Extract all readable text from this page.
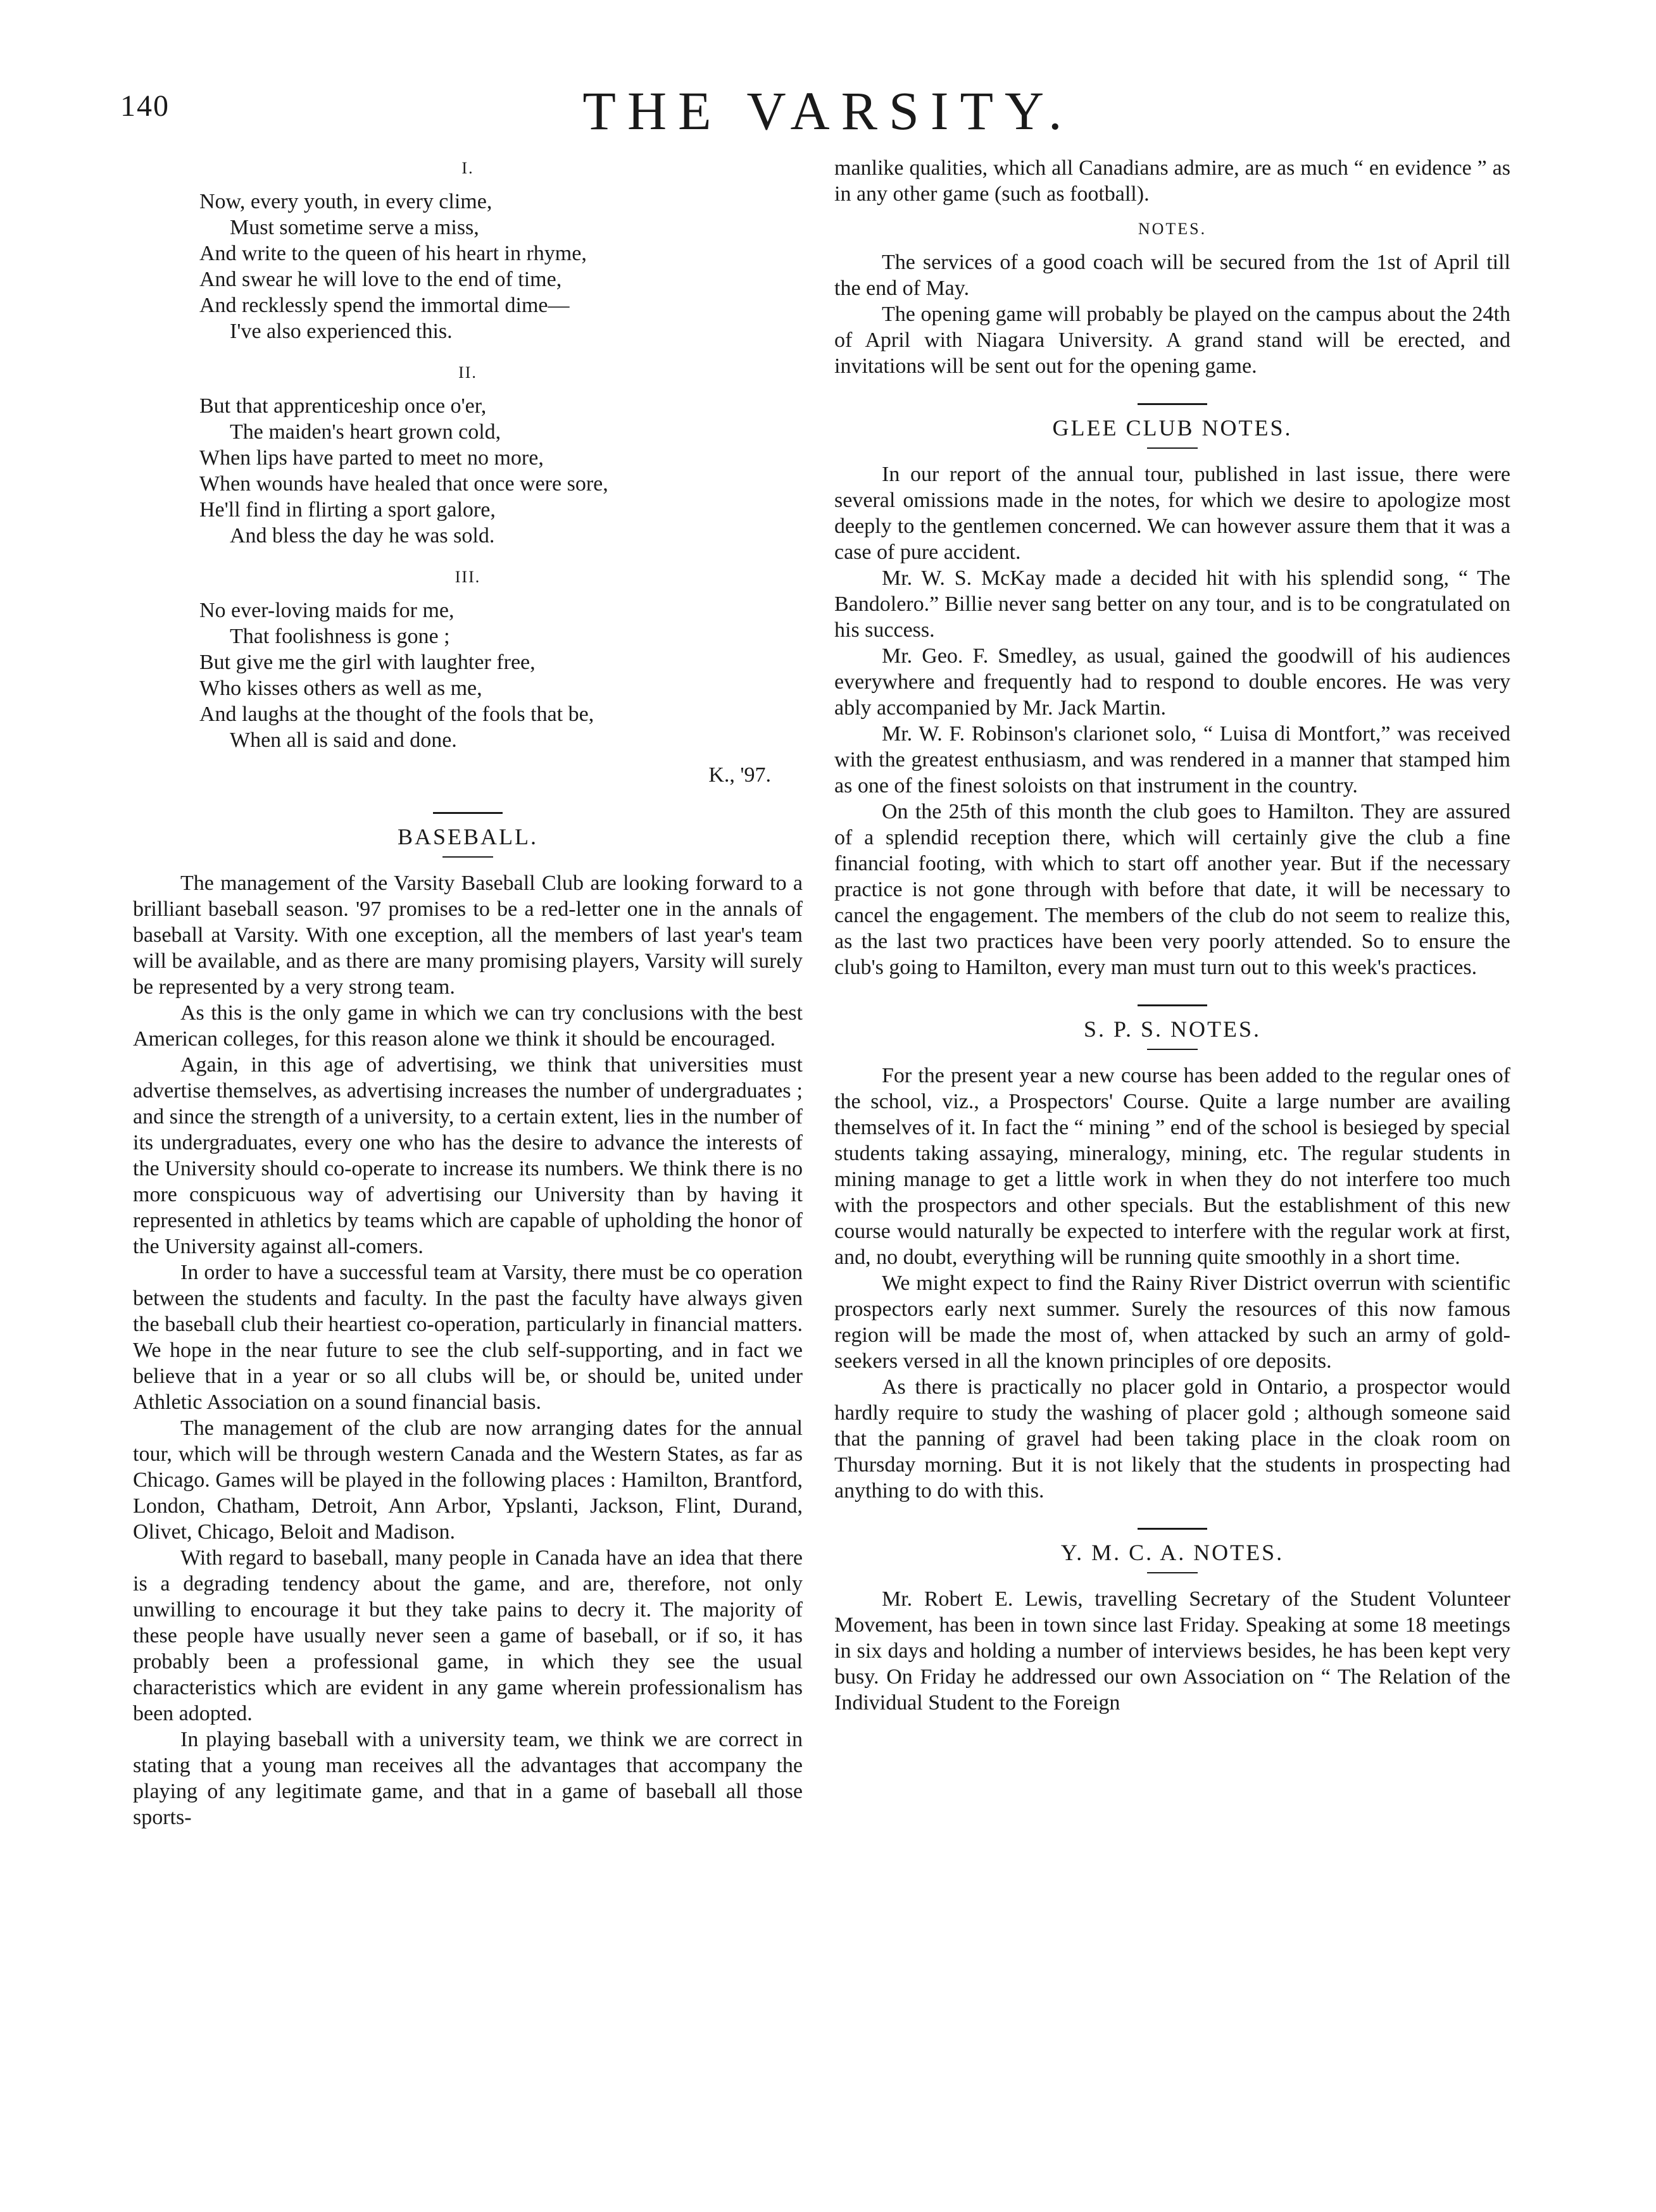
140	THE VARSITY.
I.
Now, every youth, in every clime,
Must sometime serve a miss,
And write to the queen of his heart in rhyme,
And swear he will love to the end of time,
And recklessly spend the immortal dime—
I've also experienced this.
II.
But that apprenticeship once o'er,
The maiden's heart grown cold,
When lips have parted to meet no more,
When wounds have healed that once were sore,
He'll find in flirting a sport galore,
And bless the day he was sold.
III.
No ever-loving maids for me,
That foolishness is gone ;
But give me the girl with laughter free,
Who kisses others as well as me,
And laughs at the thought of the fools that be,
When all is said and done.
K., '97.
BASEBALL.

The management of the Varsity Baseball Club are looking forward to a brilliant baseball season. '97 promises to be a red-letter one in the annals of baseball at Varsity. With one exception, all the members of last year's team will be available, and as there are many promising players, Varsity will surely be represented by a very strong team.

As this is the only game in which we can try conclusions with the best American colleges, for this reason alone we think it should be encouraged.

Again, in this age of advertising, we think that universities must advertise themselves, as advertising increases the number of undergraduates ; and since the strength of a university, to a certain extent, lies in the number of its undergraduates, every one who has the desire to advance the interests of the University should co-operate to increase its numbers. We think there is no more conspicuous way of advertising our University than by having it represented in athletics by teams which are capable of upholding the honor of the University against all-comers.

In order to have a successful team at Varsity, there must be co operation between the students and faculty. In the past the faculty have always given the baseball club their heartiest co-operation, particularly in financial matters. We hope in the near future to see the club self-supporting, and in fact we believe that in a year or so all clubs will be, or should be, united under Athletic Association on a sound financial basis.

The management of the club are now arranging dates for the annual tour, which will be through western Canada and the Western States, as far as Chicago. Games will be played in the following places : Hamilton, Brantford, London, Chatham, Detroit, Ann Arbor, Ypslanti, Jackson, Flint, Durand, Olivet, Chicago, Beloit and Madison.

With regard to baseball, many people in Canada have an idea that there is a degrading tendency about the game, and are, therefore, not only unwilling to encourage it but they take pains to decry it. The majority of these people have usually never seen a game of baseball, or if so, it has probably been a professional game, in which they see the usual characteristics which are evident in any game wherein professionalism has been adopted.

In playing baseball with a university team, we think we are correct in stating that a young man receives all the advantages that accompany the playing of any legitimate game, and that in a game of baseball all those sports-

manlike qualities, which all Canadians admire, are as much “ en evidence ” as in any other game (such as football).

NOTES.

The services of a good coach will be secured from the 1st of April till the end of May.

The opening game will probably be played on the campus about the 24th of April with Niagara University. A grand stand will be erected, and invitations will be sent out for the opening game.

GLEE CLUB NOTES.

In our report of the annual tour, published in last issue, there were several omissions made in the notes, for which we desire to apologize most deeply to the gentlemen concerned. We can however assure them that it was a case of pure accident.

Mr. W. S. McKay made a decided hit with his splendid song, “ The Bandolero.” Billie never sang better on any tour, and is to be congratulated on his success.

Mr. Geo. F. Smedley, as usual, gained the goodwill of his audiences everywhere and frequently had to respond to double encores. He was very ably accompanied by Mr. Jack Martin.

Mr. W. F. Robinson's clarionet solo, “ Luisa di Montfort,” was received with the greatest enthusiasm, and was rendered in a manner that stamped him as one of the finest soloists on that instrument in the country.

On the 25th of this month the club goes to Hamilton. They are assured of a splendid reception there, which will certainly give the club a fine financial footing, with which to start off another year. But if the necessary practice is not gone through with before that date, it will be necessary to cancel the engagement. The members of the club do not seem to realize this, as the last two practices have been very poorly attended. So to ensure the club's going to Hamilton, every man must turn out to this week's practices.

S. P. S. NOTES.

For the present year a new course has been added to the regular ones of the school, viz., a Prospectors' Course. Quite a large number are availing themselves of it. In fact the “ mining ” end of the school is besieged by special students taking assaying, mineralogy, mining, etc. The regular students in mining manage to get a little work in when they do not interfere too much with the prospectors and other specials. But the establishment of this new course would naturally be expected to interfere with the regular work at first, and, no doubt, everything will be running quite smoothly in a short time.

We might expect to find the Rainy River District overrun with scientific prospectors early next summer. Surely the resources of this now famous region will be made the most of, when attacked by such an army of gold-seekers versed in all the known principles of ore deposits.

As there is practically no placer gold in Ontario, a prospector would hardly require to study the washing of placer gold ; although someone said that the panning of gravel had been taking place in the cloak room on Thursday morning. But it is not likely that the students in prospecting had anything to do with this.

Y. M. C. A. NOTES.

Mr. Robert E. Lewis, travelling Secretary of the Student Volunteer Movement, has been in town since last Friday. Speaking at some 18 meetings in six days and holding a number of interviews besides, he has been kept very busy. On Friday he addressed our own Association on “ The Relation of the Individual Student to the Foreign
